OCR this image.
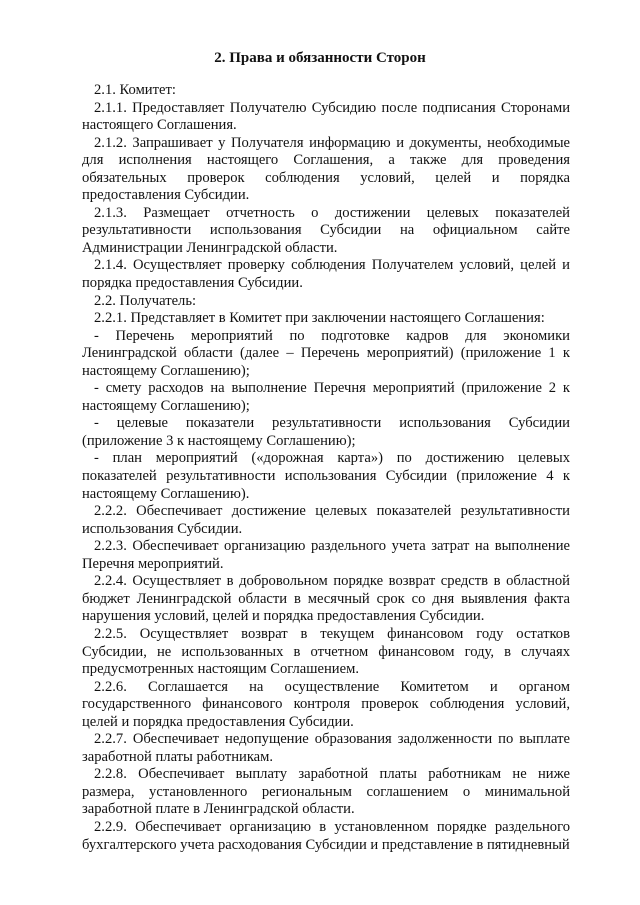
2. Права и обязанности Сторон

2.1. Комитет:

2.1.1. Предоставляет Получателю Субсидию после подписания Сторонами настоящего Соглашения.

2.1.2. Запрашивает у Получателя информацию и документы, необходимые для исполнения настоящего Соглашения, а также для проведения обязательных проверок соблюдения условий, целей и порядка предоставления Субсидии.

2.1.3. Размещает отчетность о достижении целевых показателей результативности использования Субсидии на официальном сайте Администрации Ленинградской области.

2.1.4. Осуществляет проверку соблюдения Получателем условий, целей и порядка предоставления Субсидии.

2.2. Получатель:

2.2.1. Представляет в Комитет при заключении настоящего Соглашения:

- Перечень мероприятий по подготовке кадров для экономики Ленинградской области (далее – Перечень мероприятий) (приложение 1 к настоящему Соглашению);

- смету расходов на выполнение Перечня мероприятий (приложение 2 к настоящему Соглашению);

- целевые показатели результативности использования Субсидии (приложение 3 к настоящему Соглашению);

- план мероприятий («дорожная карта») по достижению целевых показателей результативности использования Субсидии (приложение 4 к настоящему Соглашению).

2.2.2. Обеспечивает достижение целевых показателей результативности использования Субсидии.

2.2.3. Обеспечивает организацию раздельного учета затрат на выполнение Перечня мероприятий.

2.2.4. Осуществляет в добровольном порядке возврат средств в областной бюджет Ленинградской области в месячный срок со дня выявления факта нарушения условий, целей и порядка предоставления Субсидии.

2.2.5. Осуществляет возврат в текущем финансовом году остатков Субсидии, не использованных в отчетном финансовом году, в случаях предусмотренных настоящим Соглашением.

2.2.6. Соглашается на осуществление Комитетом и органом государственного финансового контроля проверок соблюдения условий, целей и порядка предоставления Субсидии.

2.2.7. Обеспечивает недопущение образования задолженности по выплате заработной платы работникам.

2.2.8. Обеспечивает выплату заработной платы работникам не ниже размера, установленного региональным соглашением о минимальной заработной плате в Ленинградской области.

2.2.9. Обеспечивает организацию в установленном порядке раздельного бухгалтерского учета расходования Субсидии и представление в пятидневный
